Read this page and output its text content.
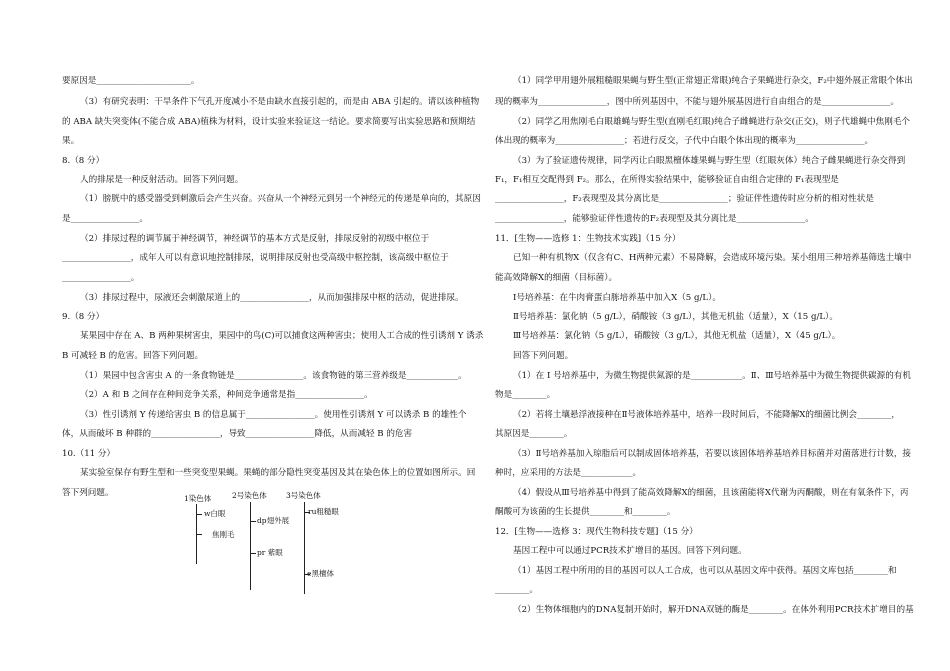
要原因是______________________。

（3）有研究表明：干旱条件下气孔开度减小不是由缺水直接引起的，而是由 ABA 引起的。请以该种植物

的 ABA 缺失突变体(不能合成 ABA)植株为材料，设计实验来验证这一结论。要求简要写出实验思路和预期结

果。

8.（8 分）

人的排尿是一种反射活动。回答下列问题。

（1）膀胱中的感受器受到刺激后会产生兴奋。兴奋从一个神经元到另一个神经元的传递是单向的，其原因

是________________。

（2）排尿过程的调节属于神经调节，神经调节的基本方式是反射，排尿反射的初级中枢位于

________________，成年人可以有意识地控制排尿，说明排尿反射也受高级中枢控制，该高级中枢位于

________________。

（3）排尿过程中，尿液还会刺激尿道上的________________，从而加强排尿中枢的活动，促进排尿。

9.（8 分）

某果园中存在 A、B 两种果树害虫，果园中的鸟(C)可以捕食这两种害虫；使用人工合成的性引诱剂 Y 诱杀

B 可减轻 B 的危害。回答下列问题。

（1）果园中包含害虫 A 的一条食物链是________________。该食物链的第三营养级是____________。

（2）A 和 B 之间存在种间竞争关系，种间竞争通常是指________________。

（3）性引诱剂 Y 传递给害虫 B 的信息属于________________。使用性引诱剂 Y 可以诱杀 B 的雄性个

体，从而破坏 B 种群的________________，导致________________降低，从而减轻 B 的危害

10.（11 分）

某实验室保存有野生型和一些突变型果蝇。果蝇的部分隐性突变基因及其在染色体上的位置如图所示。回

答下列问题。

1染色体	2号染色体	3号染色体
w白眼
焦刚毛
dp翅外展
pr 紫眼
ru粗糙眼
e黑檀体

（1）同学甲用翅外展粗糙眼果蝇与野生型(正常翅正常眼)纯合子果蝇进行杂交，F₂中翅外展正常眼个体出

现的概率为________________，图中所列基因中，不能与翅外展基因进行自由组合的是________________。

（2）同学乙用焦刚毛白眼雄蝇与野生型(直刚毛红眼)纯合子雌蝇进行杂交(正交)，则子代雄蝇中焦刚毛个

体出现的概率为________________；若进行反交，子代中白眼个体出现的概率为________________。

（3）为了验证遗传规律，同学丙让白眼黑檀体雄果蝇与野生型（红眼灰体）纯合子雌果蝇进行杂交得到

F₁，F₁相互交配得到 F₂。那么，在所得实验结果中，能够验证自由组合定律的 F₁表现型是

________________，F₂表现型及其分离比是________________；验证伴性遗传时应分析的相对性状是

________________，能够验证伴性遗传的F₂表现型及其分离比是________________。

11．[生物——选修 1：生物技术实践]（15 分）

已知一种有机物X（仅含有C、H两种元素）不易降解，会造成环境污染。某小组用三种培养基筛选土壤中

能高效降解X的细菌（目标菌）。

Ⅰ号培养基：在牛肉膏蛋白胨培养基中加入X（5 g/L）。

Ⅱ号培养基：氯化钠（5 g/L），硝酸铵（3 g/L），其他无机盐（适量），X（15 g/L）。

Ⅲ号培养基：氯化钠（5 g/L），硝酸铵（3 g/L），其他无机盐（适量），X（45 g/L）。

回答下列问题。

（1）在 Ⅰ 号培养基中，为微生物提供氮源的是____________。Ⅱ、Ⅲ号培养基中为微生物提供碳源的有机

物是________。

（2）若将土壤悬浮液接种在Ⅱ号液体培养基中，培养一段时间后，不能降解X的细菌比例会________，

其原因是________。

（3）Ⅱ号培养基加入琼脂后可以制成固体培养基，若要以该固体培养基培养目标菌并对菌落进行计数，接

种时，应采用的方法是____________。

（4）假设从Ⅲ号培养基中得到了能高效降解X的细菌，且该菌能将X代谢为丙酮酸，则在有氧条件下，丙

酮酸可为该菌的生长提供________和________。

12．[生物——选修 3：现代生物科技专题]（15 分）

基因工程中可以通过PCR技术扩增目的基因。回答下列问题。

（1）基因工程中所用的目的基因可以人工合成，也可以从基因文库中获得。基因文库包括________和

________。

（2）生物体细胞内的DNA复制开始时，解开DNA双链的酶是________。在体外利用PCR技术扩增目的基
